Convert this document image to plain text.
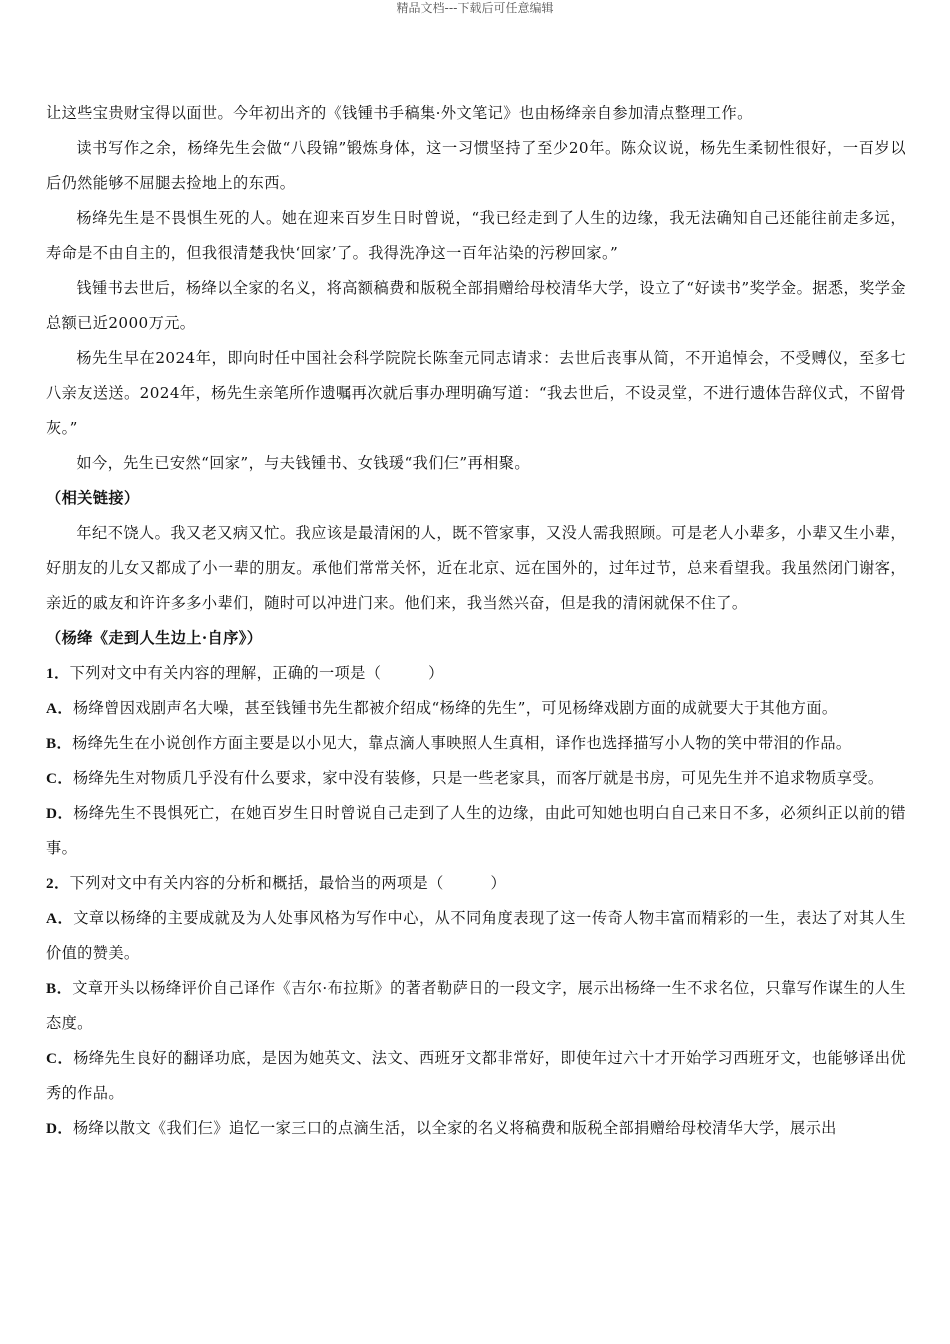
精品文档---下载后可任意编辑

让这些宝贵财宝得以面世。今年初出齐的《钱锺书手稿集·外文笔记》也由杨绛亲自参加清点整理工作。

读书写作之余，杨绛先生会做“八段锦”锻炼身体，这一习惯坚持了至少20年。陈众议说，杨先生柔韧性很好，一百岁以后仍然能够不屈腿去捡地上的东西。

杨绛先生是不畏惧生死的人。她在迎来百岁生日时曾说，“我已经走到了人生的边缘，我无法确知自己还能往前走多远，寿命是不由自主的，但我很清楚我快‘回家’了。我得洗净这一百年沾染的污秽回家。”

钱锺书去世后，杨绛以全家的名义，将高额稿费和版税全部捐赠给母校清华大学，设立了“好读书”奖学金。据悉，奖学金总额已近2000万元。

杨先生早在2024年，即向时任中国社会科学院院长陈奎元同志请求：去世后丧事从简，不开追悼会，不受赙仪，至多七八亲友送送。2024年，杨先生亲笔所作遗嘱再次就后事办理明确写道：“我去世后，不设灵堂，不进行遗体告辞仪式，不留骨灰。”

如今，先生已安然“回家”，与夫钱锺书、女钱瑗“我们仨”再相聚。

（相关链接）

年纪不饶人。我又老又病又忙。我应该是最清闲的人，既不管家事，又没人需我照顾。可是老人小辈多，小辈又生小辈，好朋友的儿女又都成了小一辈的朋友。承他们常常关怀，近在北京、远在国外的，过年过节，总来看望我。我虽然闭门谢客，亲近的戚友和许许多多小辈们，随时可以冲进门来。他们来，我当然兴奋，但是我的清闲就保不住了。

（杨绛《走到人生边上·自序》）

1．下列对文中有关内容的理解，正确的一项是（　　　）

A．杨绛曾因戏剧声名大噪，甚至钱锺书先生都被介绍成“杨绛的先生”，可见杨绛戏剧方面的成就要大于其他方面。

B．杨绛先生在小说创作方面主要是以小见大，靠点滴人事映照人生真相，译作也选择描写小人物的笑中带泪的作品。

C．杨绛先生对物质几乎没有什么要求，家中没有装修，只是一些老家具，而客厅就是书房，可见先生并不追求物质享受。

D．杨绛先生不畏惧死亡，在她百岁生日时曾说自己走到了人生的边缘，由此可知她也明白自己来日不多，必须纠正以前的错事。

2．下列对文中有关内容的分析和概括，最恰当的两项是（　　　）

A．文章以杨绛的主要成就及为人处事风格为写作中心，从不同角度表现了这一传奇人物丰富而精彩的一生，表达了对其人生价值的赞美。

B．文章开头以杨绛评价自己译作《吉尔·布拉斯》的著者勒萨日的一段文字，展示出杨绛一生不求名位，只靠写作谋生的人生态度。

C．杨绛先生良好的翻译功底，是因为她英文、法文、西班牙文都非常好，即使年过六十才开始学习西班牙文，也能够译出优秀的作品。

D．杨绛以散文《我们仨》追忆一家三口的点滴生活，以全家的名义将稿费和版税全部捐赠给母校清华大学，展示出
